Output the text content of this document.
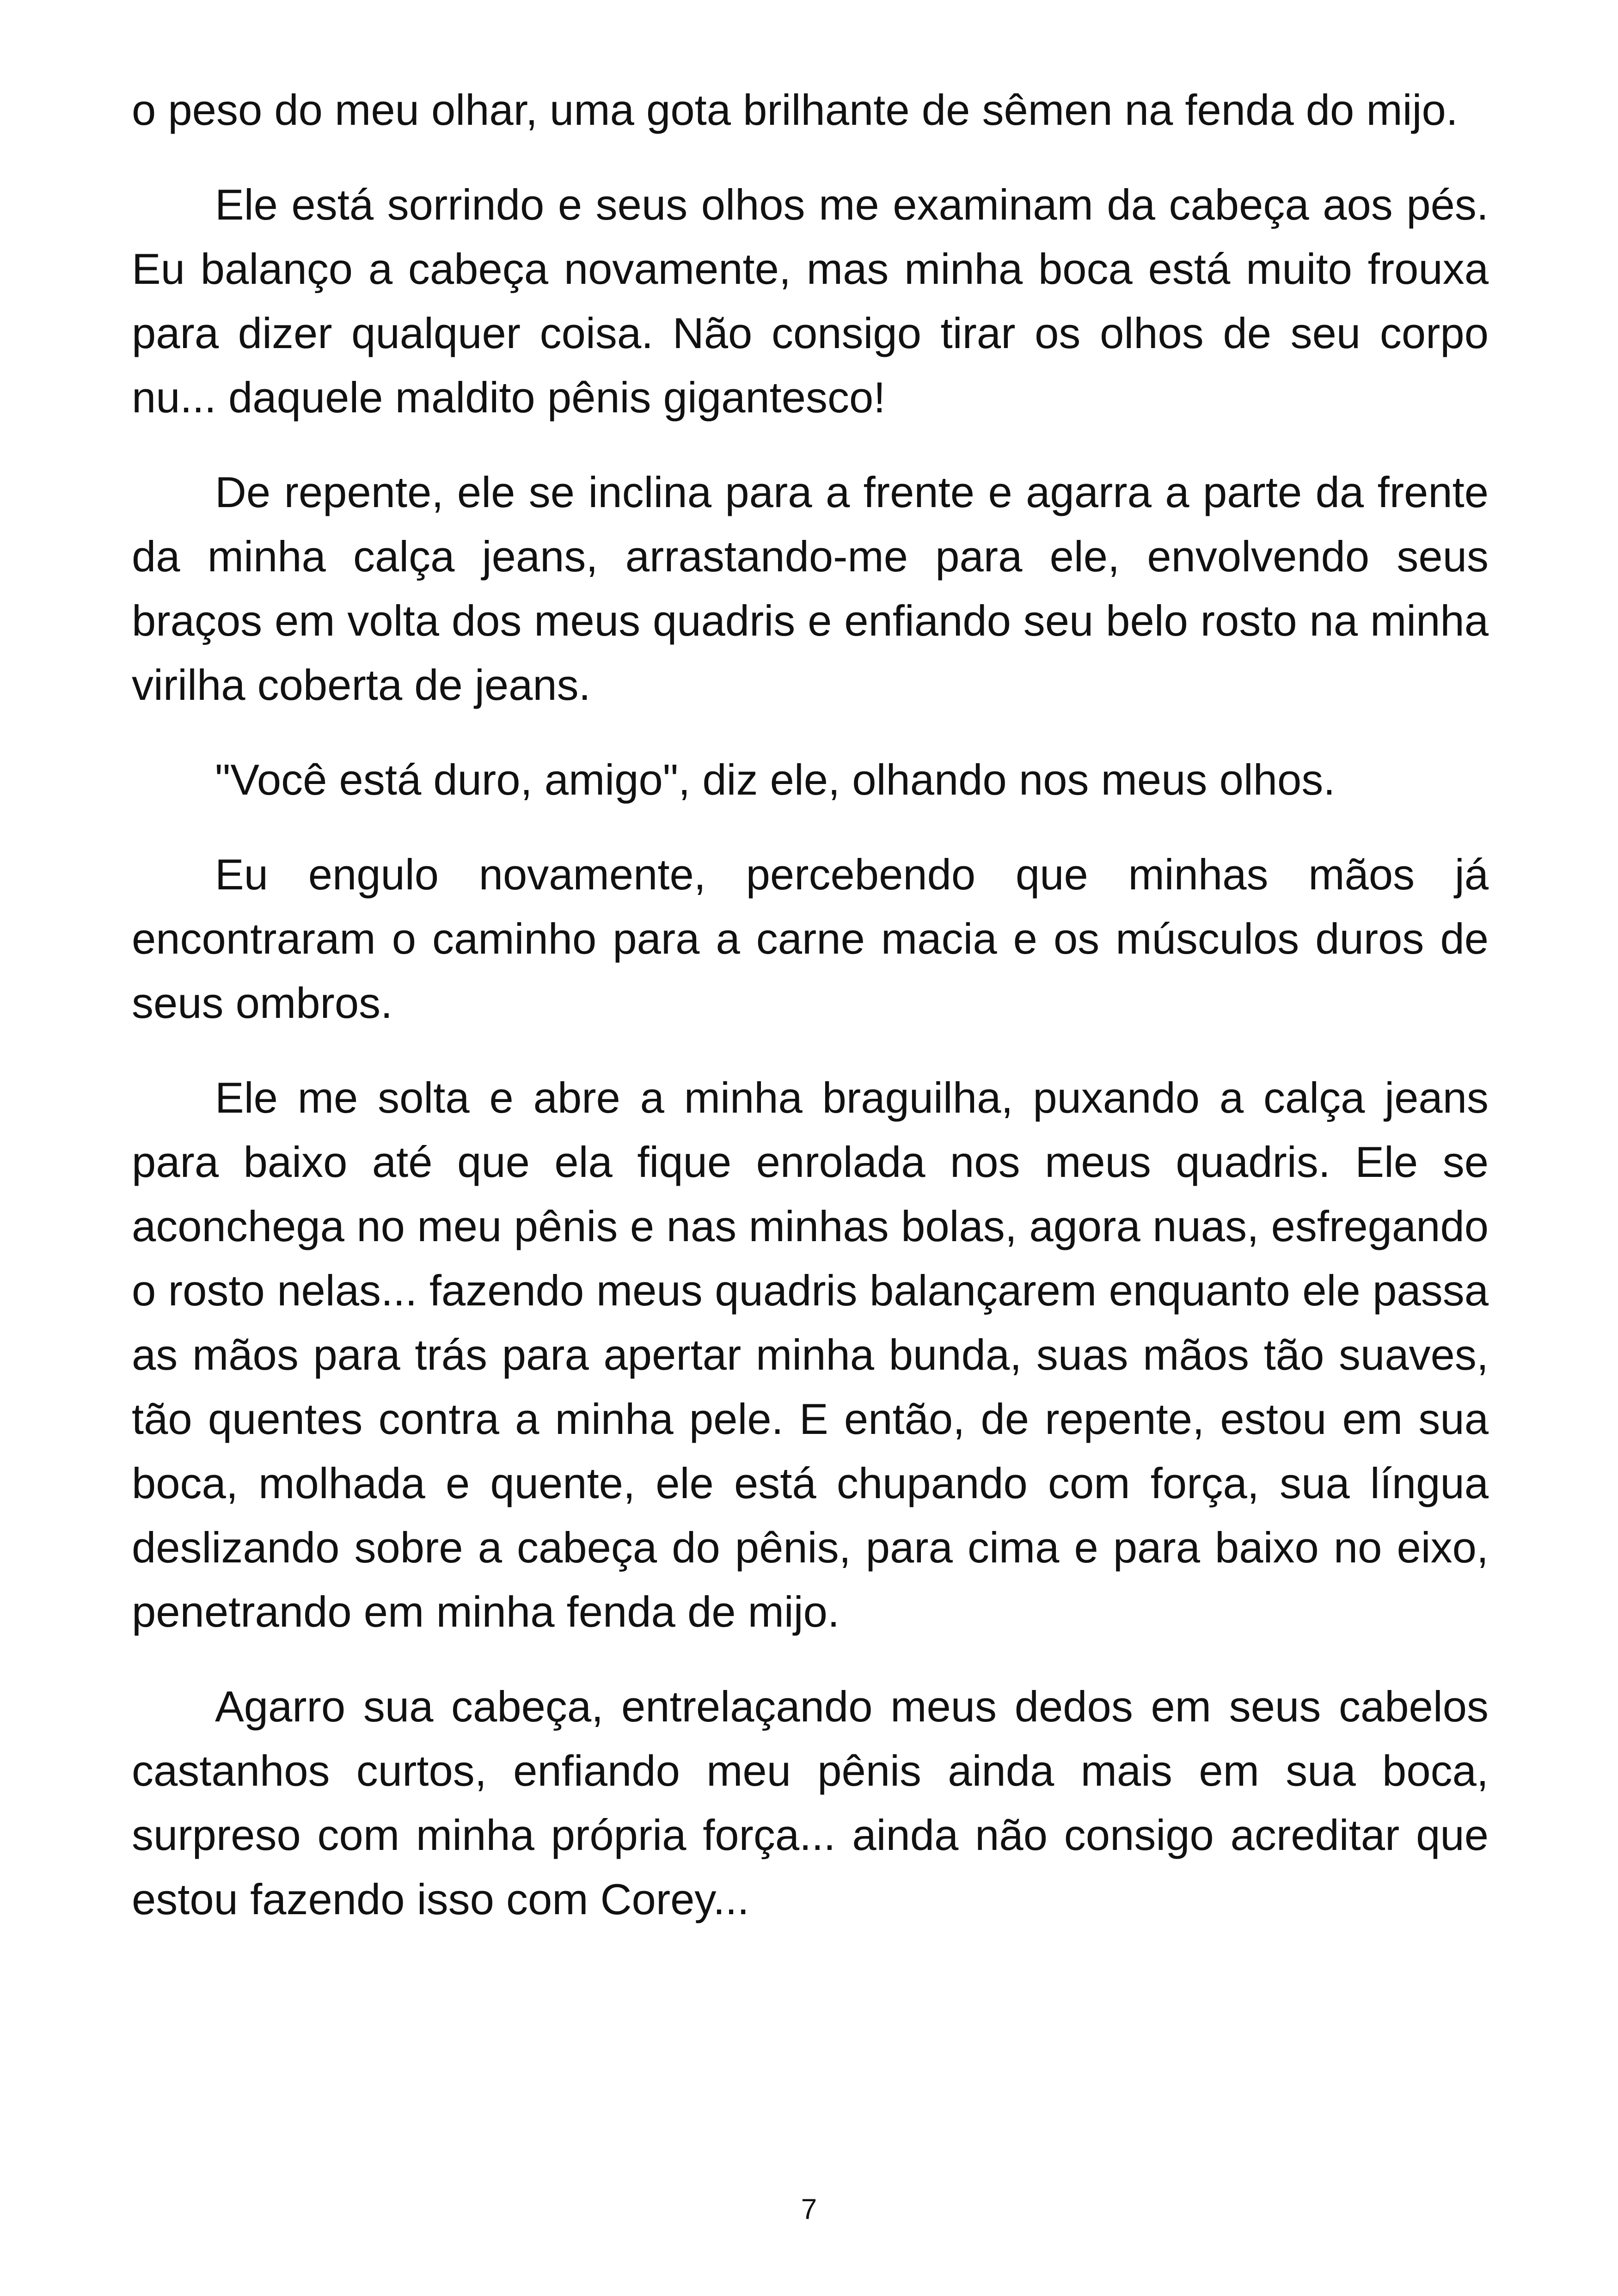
o peso do meu olhar, uma gota brilhante de sêmen na fenda do mijo.

Ele está sorrindo e seus olhos me examinam da cabeça aos pés. Eu balanço a cabeça novamente, mas minha boca está muito frouxa para dizer qualquer coisa. Não consigo tirar os olhos de seu corpo nu... daquele maldito pênis gigantesco!

De repente, ele se inclina para a frente e agarra a parte da frente da minha calça jeans, arrastando-me para ele, envolvendo seus braços em volta dos meus quadris e enfiando seu belo rosto na minha virilha coberta de jeans.

"Você está duro, amigo", diz ele, olhando nos meus olhos.

Eu engulo novamente, percebendo que minhas mãos já encontraram o caminho para a carne macia e os músculos duros de seus ombros.

Ele me solta e abre a minha braguilha, puxando a calça jeans para baixo até que ela fique enrolada nos meus quadris. Ele se aconchega no meu pênis e nas minhas bolas, agora nuas, esfregando o rosto nelas... fazendo meus quadris balançarem enquanto ele passa as mãos para trás para apertar minha bunda, suas mãos tão suaves, tão quentes contra a minha pele. E então, de repente, estou em sua boca, molhada e quente, ele está chupando com força, sua língua deslizando sobre a cabeça do pênis, para cima e para baixo no eixo, penetrando em minha fenda de mijo.

Agarro sua cabeça, entrelaçando meus dedos em seus cabelos castanhos curtos, enfiando meu pênis ainda mais em sua boca, surpreso com minha própria força... ainda não consigo acreditar que estou fazendo isso com Corey...

7
